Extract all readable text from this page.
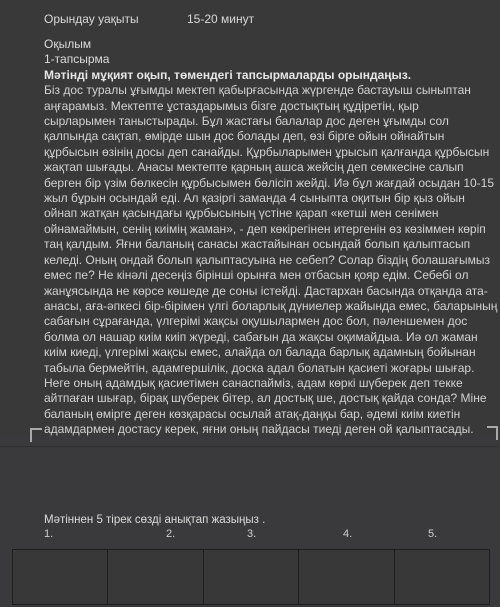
Орындау уақыты	15-20 минут
Оқылым
1-тапсырма
Мәтінді мұқият оқып, төмендегі тапсырмаларды орындаңыз.
Біз дос туралы ұғымды мектеп қабырғасында жүргенде бастауыш сыныптан
аңғарамыз. Мектепте ұстаздарымыз бізге достықтың құдіретін, қыр
сырларымен таныстырады. Бұл жастағы балалар дос деген ұғымды сол
қалпында сақтап, өмірде шын дос болады деп, өзі бірге ойын ойнайтын
құрбысын өзінің досы деп санайды. Құрбыларымен ұрысып қалғанда құрбысын
жақтап шығады. Анасы мектепте қарның ашса жейсің деп сөмкесіне салып
берген бір үзім бөлкесін құрбысымен бөлісіп жейді. Иә бұл жағдай осыдан 10-15
жыл бұрын осындай еді. Ал қазіргі заманда 4 сыныпта оқитын бір қыз ойын
ойнап жатқан қасындағы құрбысының үстіне қарап «кетші мен сенімен
ойнамаймын, сенің киімің жаман», - деп көкірегінен итергенін өз көзіммен көріп
таң қалдым. Яғни баланың санасы жастайынан осындай болып қалыптасып
келеді. Оның ондай болып қалыптасуына не себеп? Солар біздің болашағымыз
емес пе? Не кінәлі десеңіз бірінші орынға мен отбасын қояр едім. Себебі ол
жанұясында не көрсе көшеде де соны істейді. Дастархан басында отқанда ата-
анасы, аға-әпкесі бір-бірімен үлгі боларлық дүниелер жайында емес, баларының
сабағын сұрағанда, үлгерімі жақсы оқушылармен дос бол, пәленшемен дос
болма ол нашар киім киіп жүреді, сабағын да жақсы оқимайдыа. Иә ол жаман
киім киеді, үлгерімі жақсы емес, алайда ол балада барлық адамның бойынан
табыла бермейтін, адамгершілік, доска адал болатын қасиеті жоғары шығар.
Неге оның адамдық қасиетімен санаспайміз, адам көркі шүберек деп текке
айтпаған шығар, бірақ шүберек бітер, ал достық ше, достық қайда сонда? Міне
баланың өмірге деген көзқарасы осылай атақ-даңқы бар, әдемі киім киетін
адамдармен достасу керек, яғни оның пайдасы тиеді деген ой қалыптасады.
Мәтіннен 5 тірек сөзді анықтап жазыңыз .
1.	2.	3.	4.	5.
